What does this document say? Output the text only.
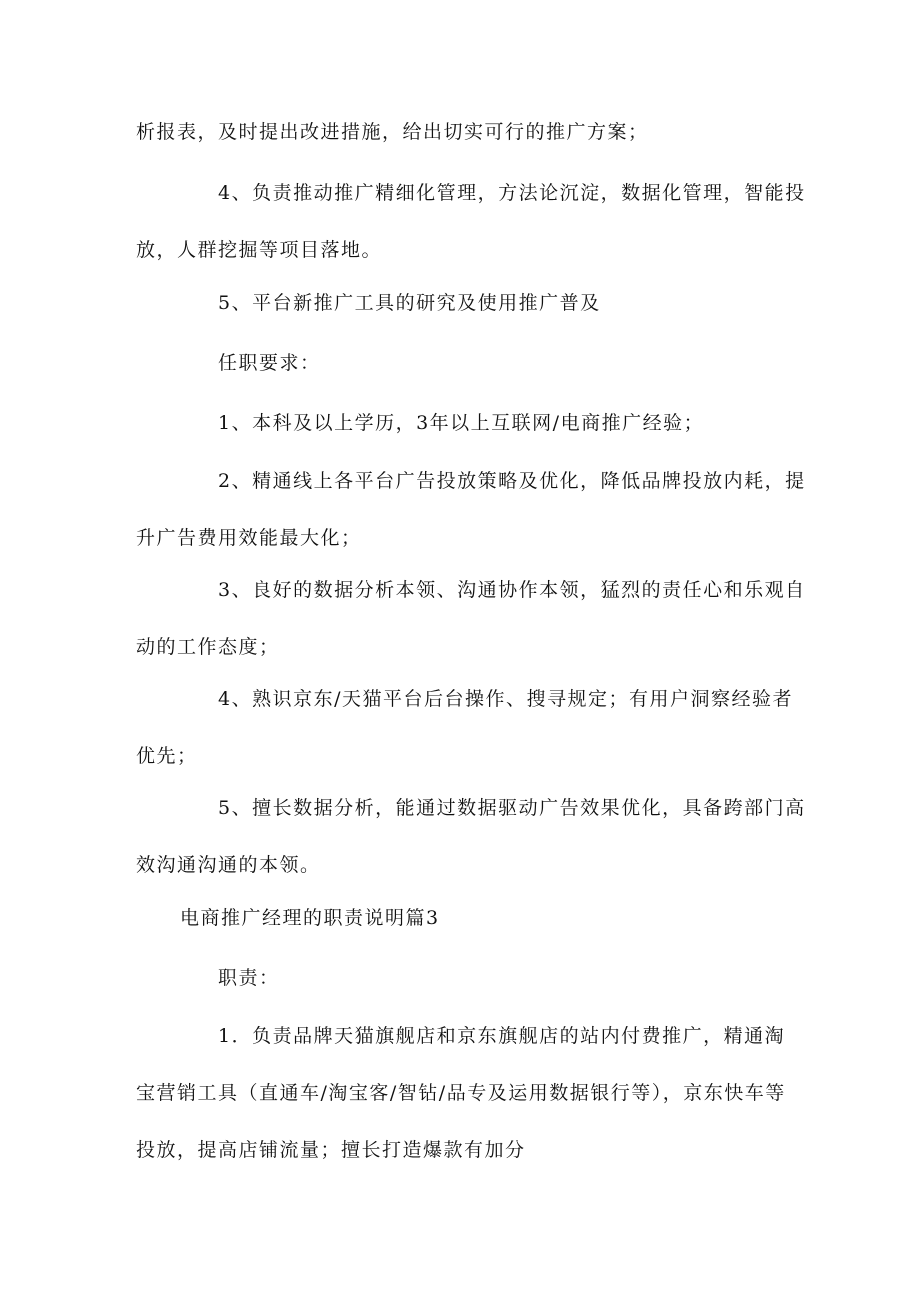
析报表，及时提出改进措施，给出切实可行的推广方案；

4、负责推动推广精细化管理，方法论沉淀，数据化管理，智能投
放，人群挖掘等项目落地。

5、平台新推广工具的研究及使用推广普及

任职要求：

1、本科及以上学历，3年以上互联网/电商推广经验；

2、精通线上各平台广告投放策略及优化，降低品牌投放内耗，提
升广告费用效能最大化；

3、良好的数据分析本领、沟通协作本领，猛烈的责任心和乐观自
动的工作态度；

4、熟识京东/天猫平台后台操作、搜寻规定；有用户洞察经验者
优先；

5、擅长数据分析，能通过数据驱动广告效果优化，具备跨部门高
效沟通沟通的本领。

电商推广经理的职责说明篇3

职责：

1．负责品牌天猫旗舰店和京东旗舰店的站内付费推广，精通淘
宝营销工具（直通车/淘宝客/智钻/品专及运用数据银行等），京东快车等
投放，提高店铺流量；擅长打造爆款有加分
